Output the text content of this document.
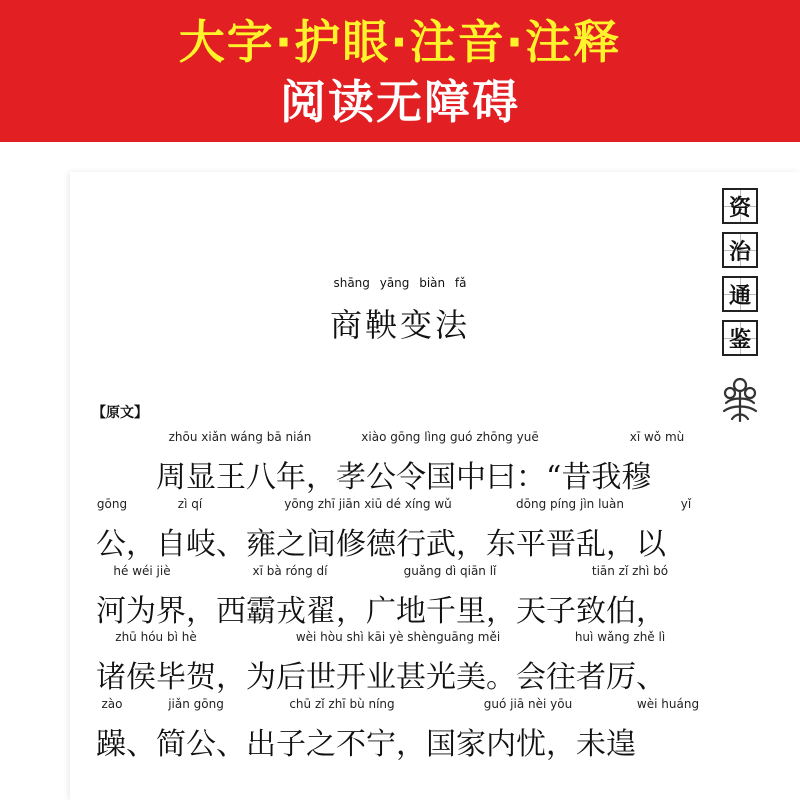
大字·护眼·注音·注释
阅读无障碍
资
治
通
鉴
shāng yāng biàn fǎ
商鞅变法
【原文】
zhōu xiǎn wáng bā nián	xiào gōng lìng guó zhōng yuē	xī wǒ mù
周显王八年，孝公令国中曰：“昔我穆
gōng	zì qí	yōng zhī jiān xiū dé xíng wǔ	dōng píng jìn luàn	yǐ
公，自岐、雍之间修德行武，东平晋乱，以
hé wéi jiè	xī bà róng dí	guǎng dì qiān lǐ	tiān zǐ zhì bó
河为界，西霸戎翟，广地千里，天子致伯，
zhū hóu bì hè	wèi hòu shì kāi yè shènguāng měi	huì wǎng zhě lì
诸侯毕贺，为后世开业甚光美。会往者厉、
zào	jiǎn gōng	chū zǐ zhī bù níng	guó jiā nèi yōu	wèi huáng
躁、简公、出子之不宁，国家内忧，未遑
